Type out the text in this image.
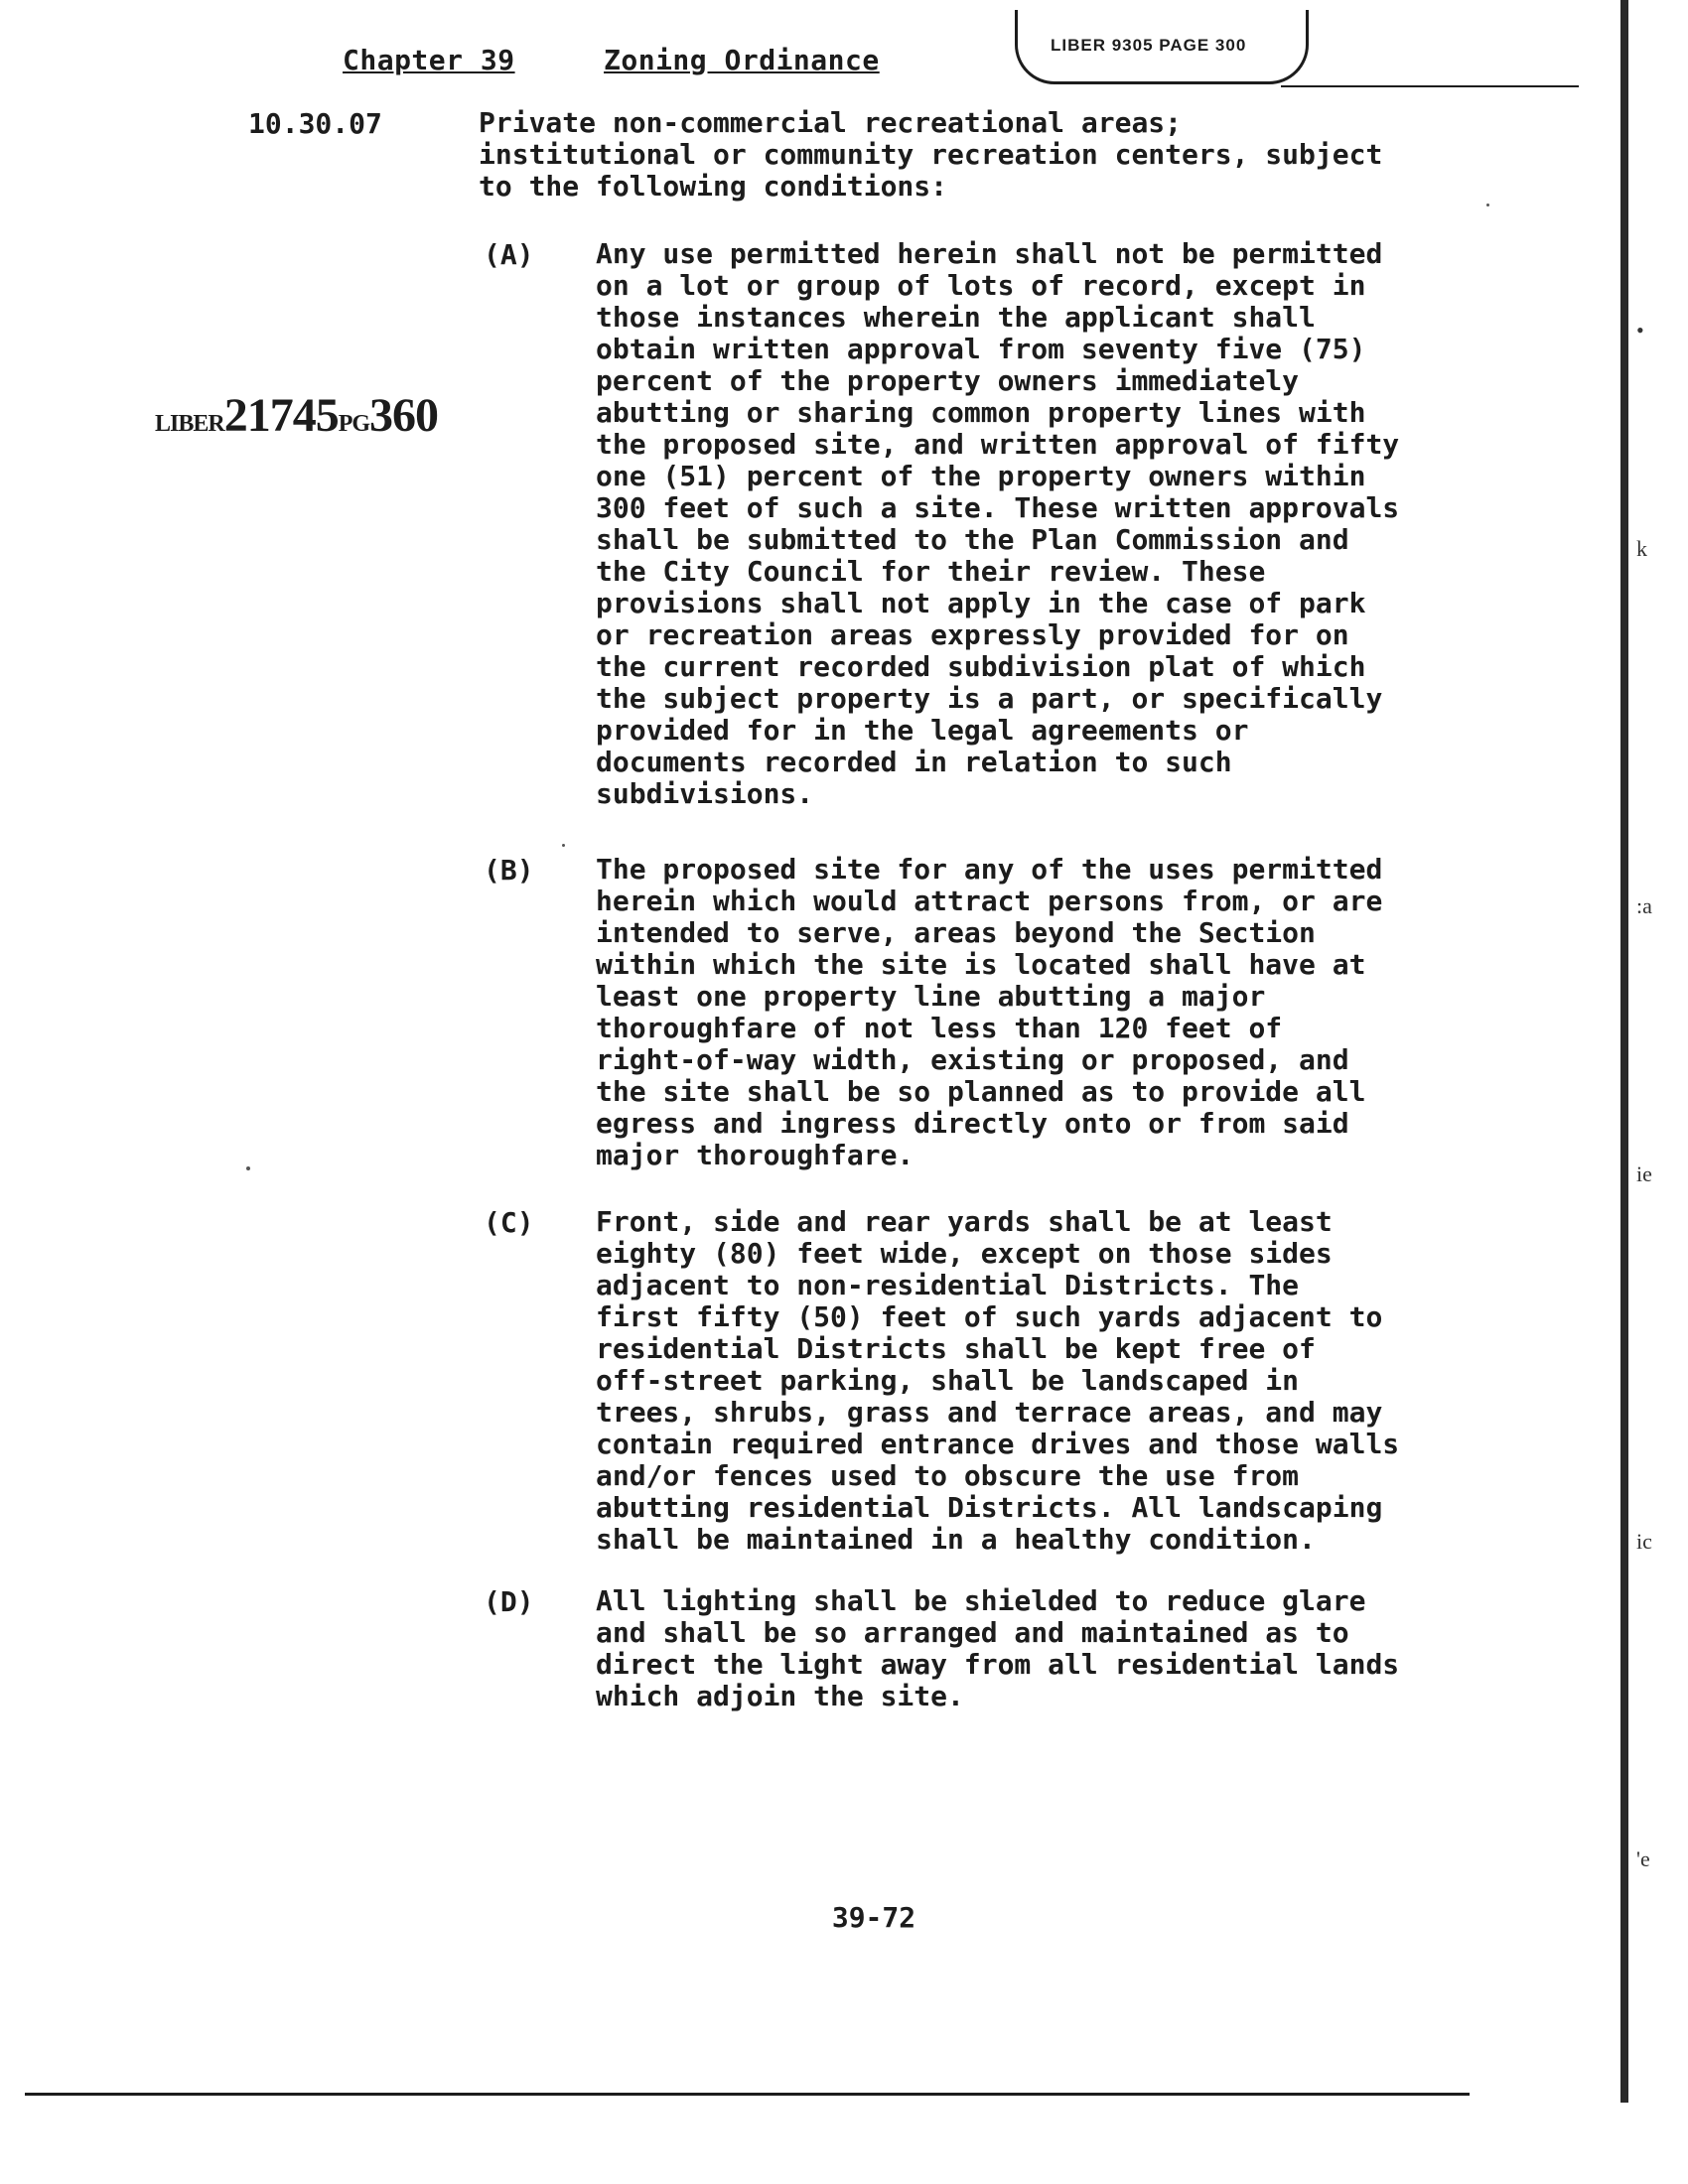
Chapter 39	Zoning Ordinance	LIBER 9305 PAGE 300
10.30.07	Private non-commercial recreational areas;
institutional or community recreation centers, subject
to the following conditions:
LIBER21745PG360
(A) Any use permitted herein shall not be permitted
on a lot or group of lots of record, except in
those instances wherein the applicant shall
obtain written approval from seventy five (75)
percent of the property owners immediately
abutting or sharing common property lines with
the proposed site, and written approval of fifty
one (51) percent of the property owners within
300 feet of such a site. These written approvals
shall be submitted to the Plan Commission and
the City Council for their review. These
provisions shall not apply in the case of park
or recreation areas expressly provided for on
the current recorded subdivision plat of which
the subject property is a part, or specifically
provided for in the legal agreements or
documents recorded in relation to such
subdivisions.
(B) The proposed site for any of the uses permitted
herein which would attract persons from, or are
intended to serve, areas beyond the Section
within which the site is located shall have at
least one property line abutting a major
thoroughfare of not less than 120 feet of
right-of-way width, existing or proposed, and
the site shall be so planned as to provide all
egress and ingress directly onto or from said
major thoroughfare.
(C) Front, side and rear yards shall be at least
eighty (80) feet wide, except on those sides
adjacent to non-residential Districts. The
first fifty (50) feet of such yards adjacent to
residential Districts shall be kept free of
off-street parking, shall be landscaped in
trees, shrubs, grass and terrace areas, and may
contain required entrance drives and those walls
and/or fences used to obscure the use from
abutting residential Districts. All landscaping
shall be maintained in a healthy condition.
(D) All lighting shall be shielded to reduce glare
and shall be so arranged and maintained as to
direct the light away from all residential lands
which adjoin the site.
39-72
•
k
:a
ie
ic
'e
